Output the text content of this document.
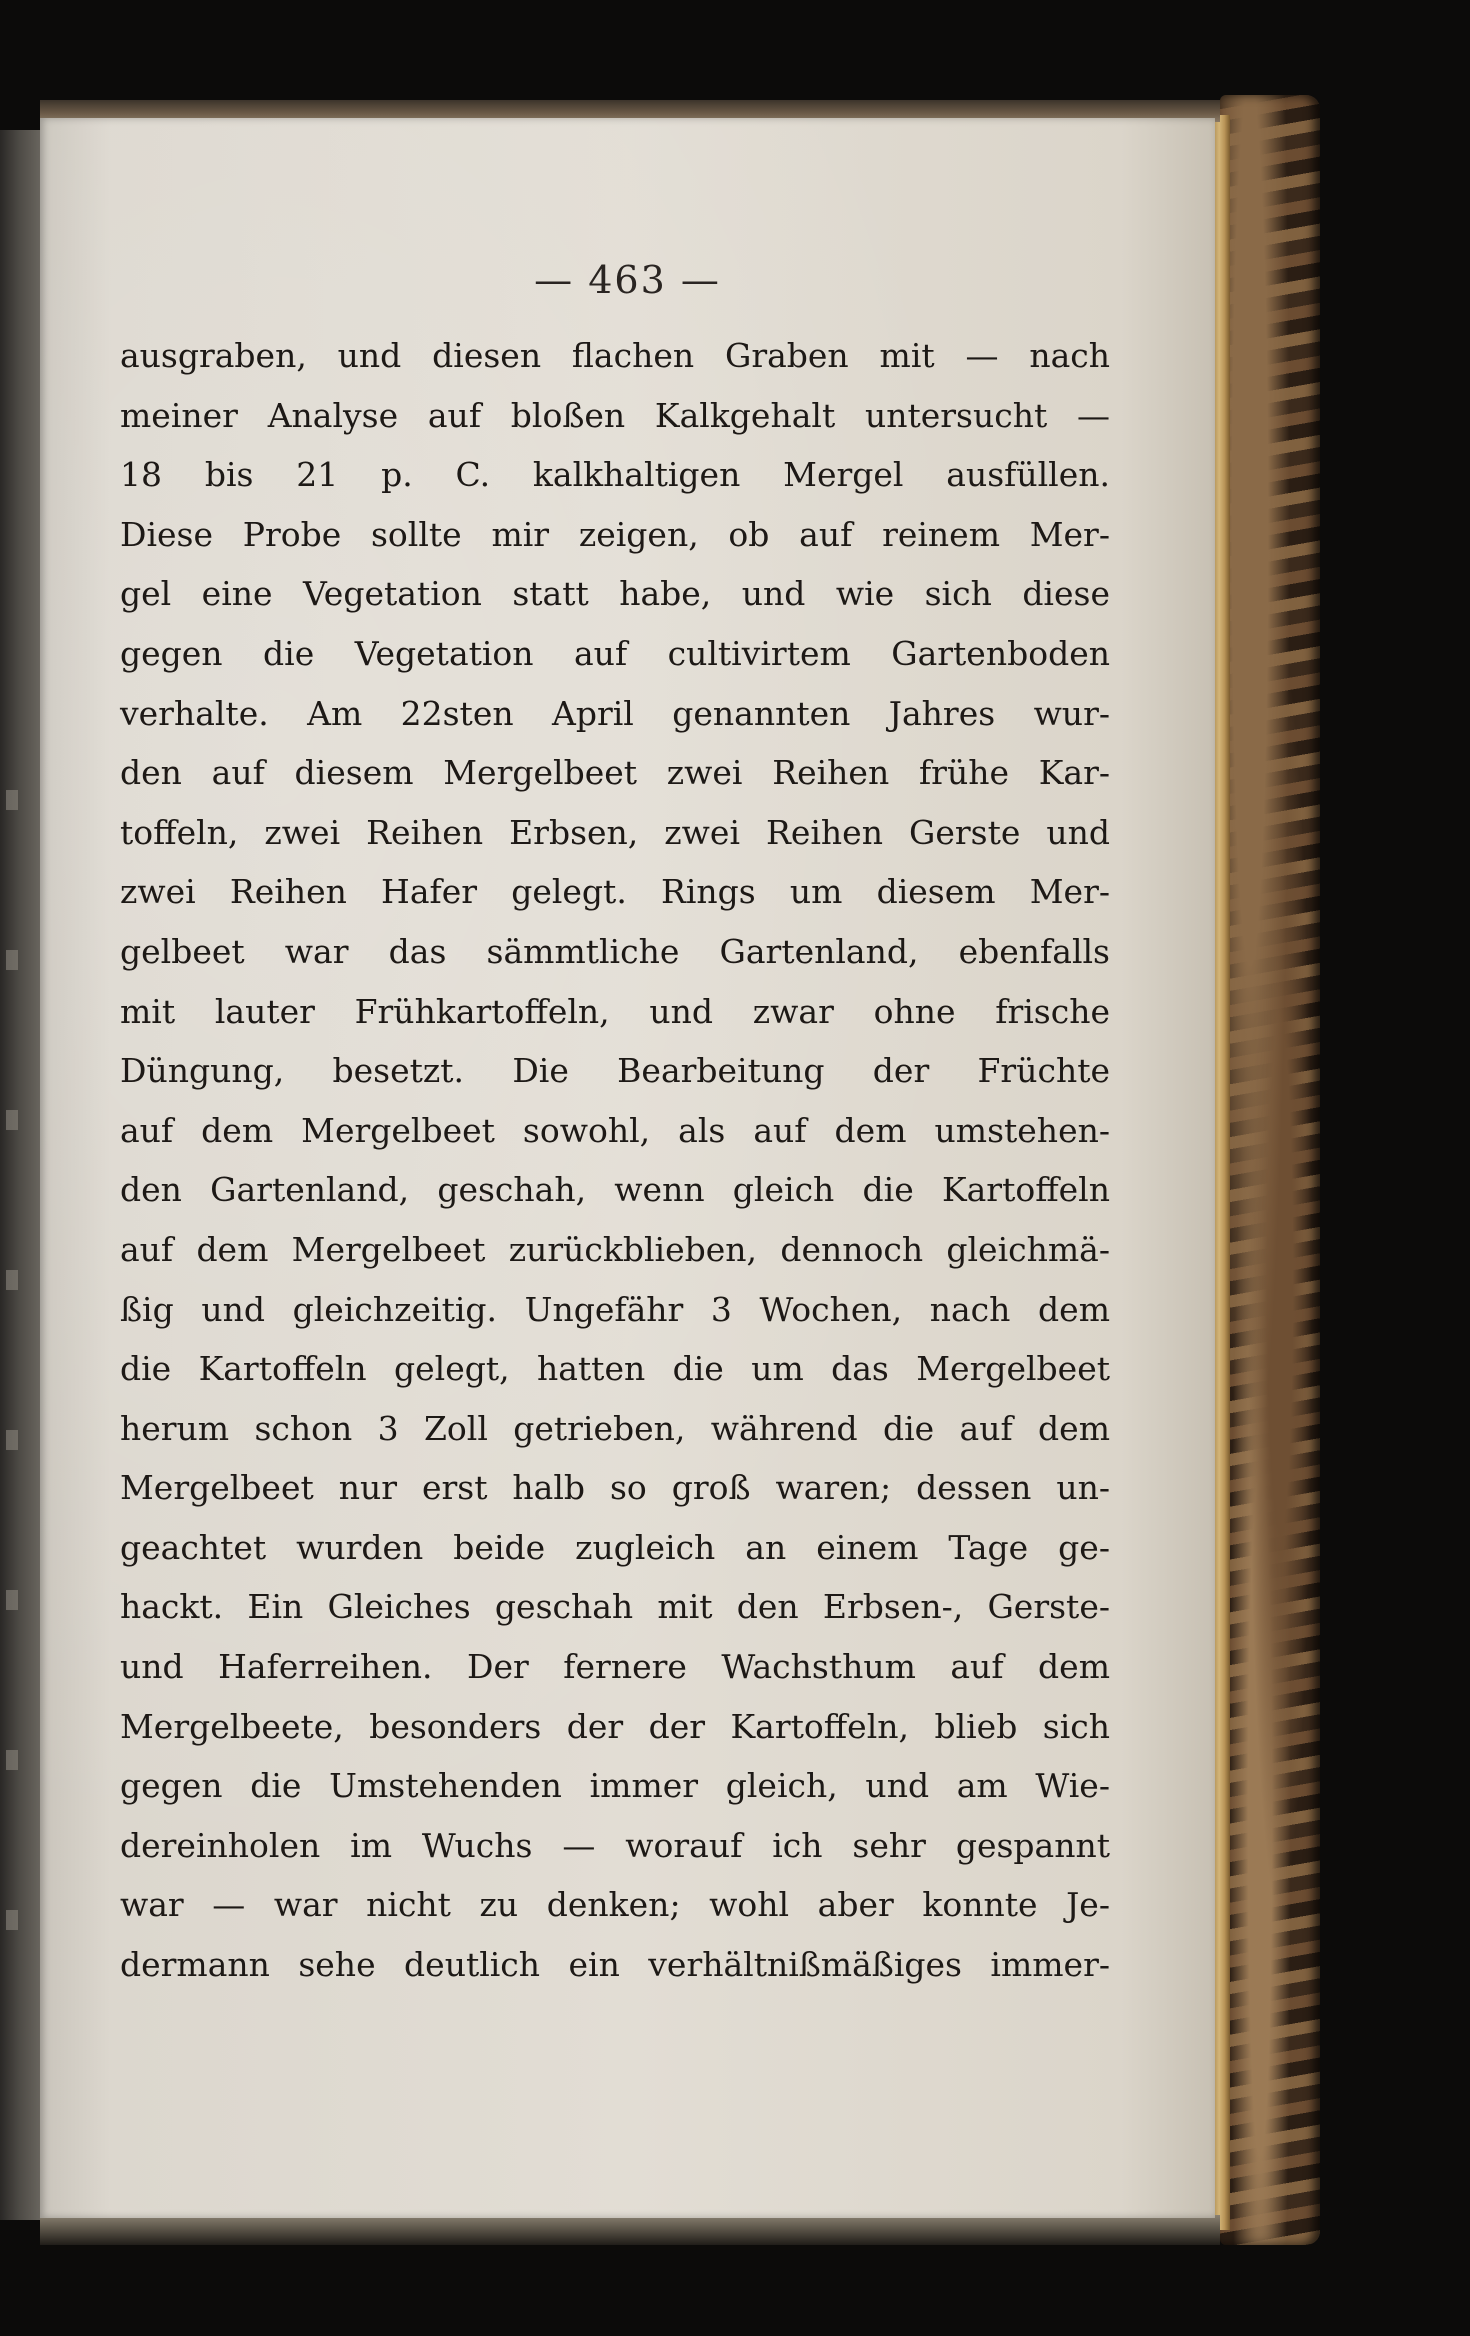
— 463 —
ausgraben, und diesen flachen Graben mit — nach
meiner Analyse auf bloßen Kalkgehalt untersucht —
18 bis 21 p. C. kalkhaltigen Mergel ausfüllen.
Diese Probe sollte mir zeigen, ob auf reinem Mer-
gel eine Vegetation statt habe, und wie sich diese
gegen die Vegetation auf cultivirtem Gartenboden
verhalte. Am 22sten April genannten Jahres wur-
den auf diesem Mergelbeet zwei Reihen frühe Kar-
toffeln, zwei Reihen Erbsen, zwei Reihen Gerste und
zwei Reihen Hafer gelegt. Rings um diesem Mer-
gelbeet war das sämmtliche Gartenland, ebenfalls
mit lauter Frühkartoffeln, und zwar ohne frische
Düngung, besetzt. Die Bearbeitung der Früchte
auf dem Mergelbeet sowohl, als auf dem umstehen-
den Gartenland, geschah, wenn gleich die Kartoffeln
auf dem Mergelbeet zurückblieben, dennoch gleichmä-
ßig und gleichzeitig. Ungefähr 3 Wochen, nach dem
die Kartoffeln gelegt, hatten die um das Mergelbeet
herum schon 3 Zoll getrieben, während die auf dem
Mergelbeet nur erst halb so groß waren; dessen un-
geachtet wurden beide zugleich an einem Tage ge-
hackt. Ein Gleiches geschah mit den Erbsen-, Gerste-
und Haferreihen. Der fernere Wachsthum auf dem
Mergelbeete, besonders der der Kartoffeln, blieb sich
gegen die Umstehenden immer gleich, und am Wie-
dereinholen im Wuchs — worauf ich sehr gespannt
war — war nicht zu denken; wohl aber konnte Je-
dermann sehe deutlich ein verhältnißmäßiges immer-
